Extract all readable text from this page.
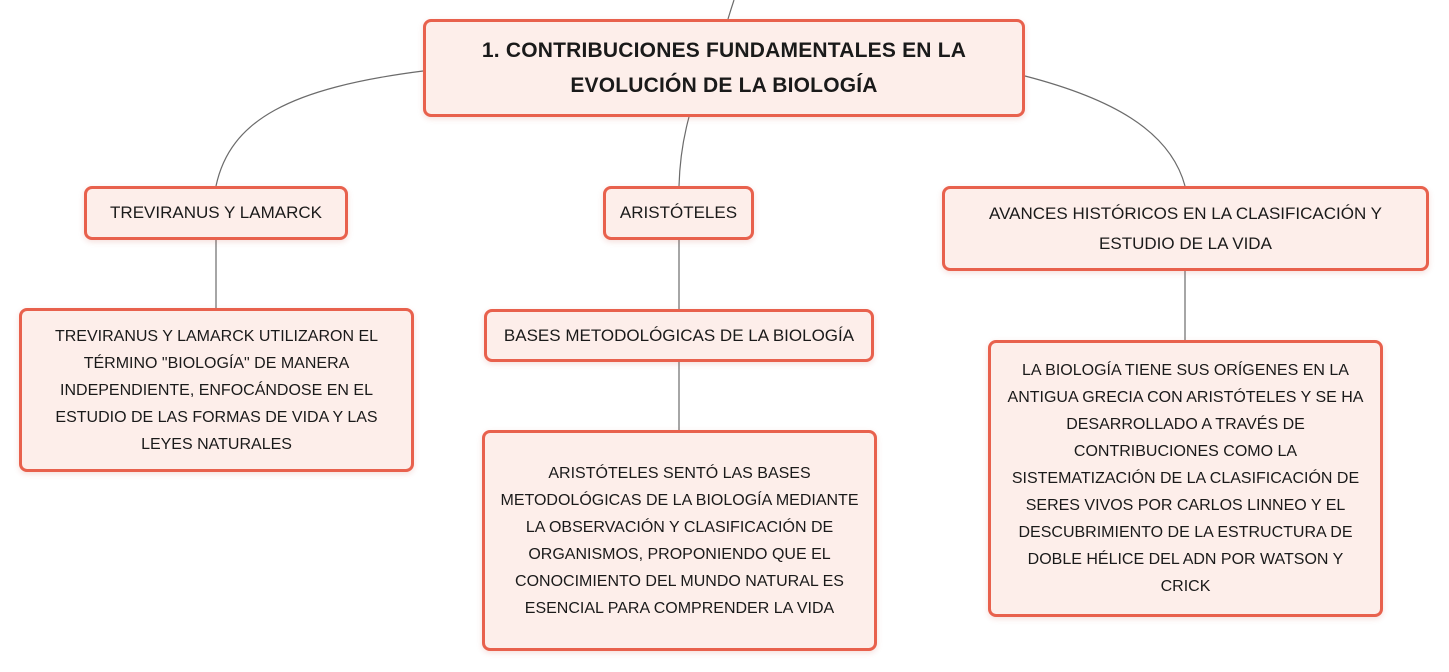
1. CONTRIBUCIONES FUNDAMENTALES EN LA EVOLUCIÓN DE LA BIOLOGÍA
TREVIRANUS Y LAMARCK	ARISTÓTELES	AVANCES HISTÓRICOS EN LA CLASIFICACIÓN Y ESTUDIO DE LA VIDA
BASES METODOLÓGICAS DE LA BIOLOGÍA
TREVIRANUS Y LAMARCK UTILIZARON EL TÉRMINO "BIOLOGÍA" DE MANERA INDEPENDIENTE, ENFOCÁNDOSE EN EL ESTUDIO DE LAS FORMAS DE VIDA Y LAS LEYES NATURALES
ARISTÓTELES SENTÓ LAS BASES METODOLÓGICAS DE LA BIOLOGÍA MEDIANTE LA OBSERVACIÓN Y CLASIFICACIÓN DE ORGANISMOS, PROPONIENDO QUE EL CONOCIMIENTO DEL MUNDO NATURAL ES ESENCIAL PARA COMPRENDER LA VIDA
LA BIOLOGÍA TIENE SUS ORÍGENES EN LA ANTIGUA GRECIA CON ARISTÓTELES Y SE HA DESARROLLADO A TRAVÉS DE CONTRIBUCIONES COMO LA SISTEMATIZACIÓN DE LA CLASIFICACIÓN DE SERES VIVOS POR CARLOS LINNEO Y EL DESCUBRIMIENTO DE LA ESTRUCTURA DE DOBLE HÉLICE DEL ADN POR WATSON Y CRICK
